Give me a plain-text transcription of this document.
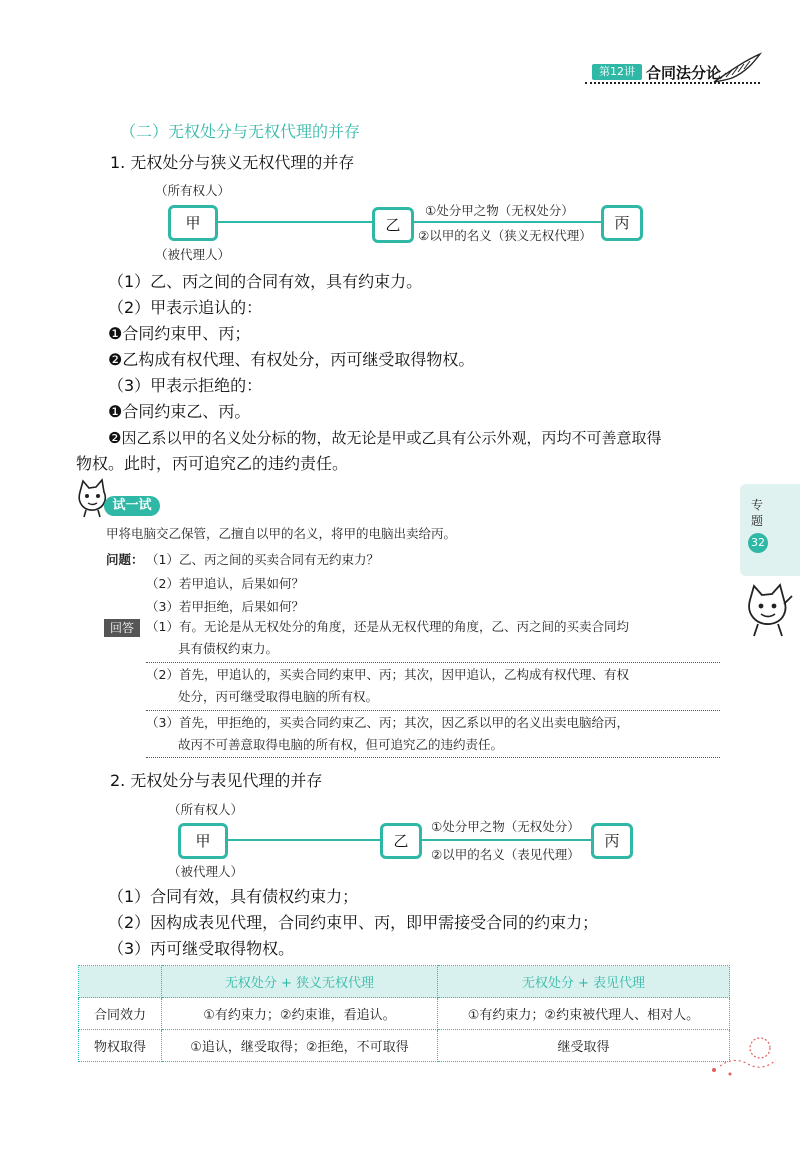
第12讲 合同法分论
（二）无权处分与无权代理的并存
1. 无权处分与狭义无权代理的并存
（所有权人）
甲	乙
①处分甲之物（无权处分）
②以甲的名义（狭义无权代理）
丙
（被代理人）
（1）乙、丙之间的合同有效，具有约束力。
（2）甲表示追认的：
❶合同约束甲、丙；
❷乙构成有权代理、有权处分，丙可继受取得物权。
（3）甲表示拒绝的：
❶合同约束乙、丙。
❷因乙系以甲的名义处分标的物，故无论是甲或乙具有公示外观，丙均不可善意取得
物权。此时，丙可追究乙的违约责任。
试一试
甲将电脑交乙保管，乙擅自以甲的名义，将甲的电脑出卖给丙。
问题： （1）乙、丙之间的买卖合同有无约束力？
（2）若甲追认，后果如何？
（3）若甲拒绝，后果如何？
回答 （1）有。无论是从无权处分的角度，还是从无权代理的角度，乙、丙之间的买卖合同均
具有债权约束力。
（2）首先，甲追认的，买卖合同约束甲、丙；其次，因甲追认，乙构成有权代理、有权
处分，丙可继受取得电脑的所有权。
（3）首先，甲拒绝的，买卖合同约束乙、丙；其次，因乙系以甲的名义出卖电脑给丙，
故丙不可善意取得电脑的所有权，但可追究乙的违约责任。
2. 无权处分与表见代理的并存
（所有权人）
甲	乙
①处分甲之物（无权处分）
②以甲的名义（表见代理）
丙
（被代理人）
（1）合同有效，具有债权约束力；
（2）因构成表见代理，合同约束甲、丙，即甲需接受合同的约束力；
（3）丙可继受取得物权。
	无权处分 + 狭义无权代理	无权处分 + 表见代理
合同效力	①有约束力；②约束谁，看追认。	①有约束力；②约束被代理人、相对人。
物权取得	①追认，继受取得；②拒绝，不可取得	继受取得
专题
32
